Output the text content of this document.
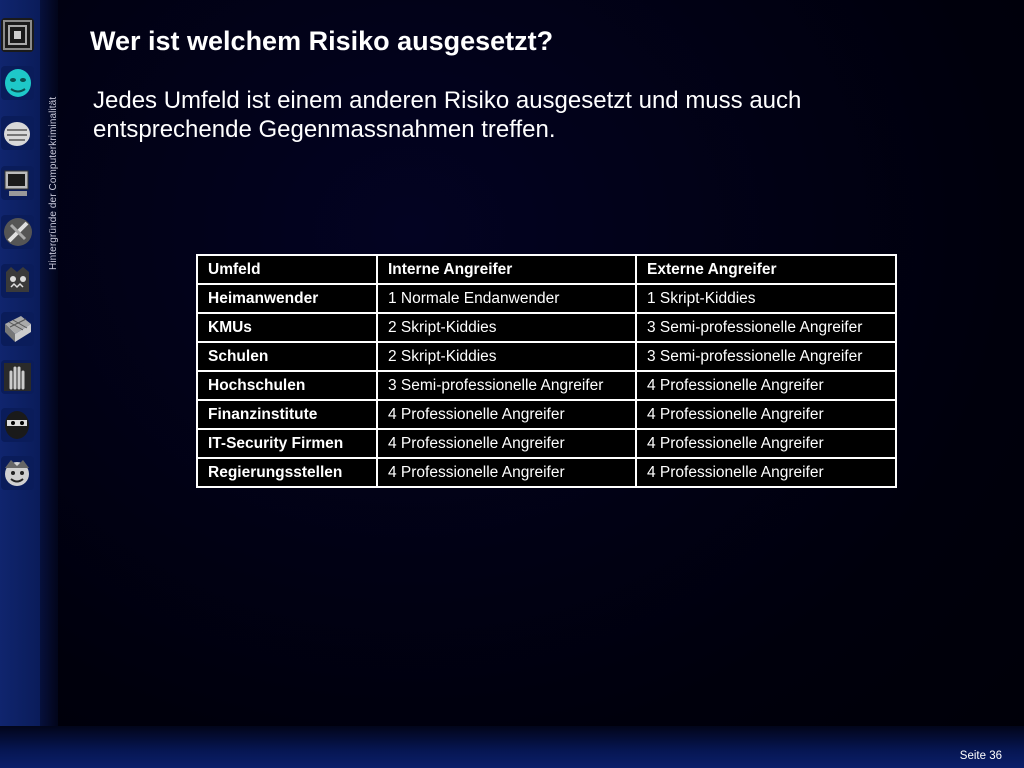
Hintergründe der Computerkriminalität
Wer ist welchem Risiko ausgesetzt?

Jedes Umfeld ist einem anderen Risiko ausgesetzt und muss auch

entsprechende Gegenmassnahmen treffen.

Umfeld	Interne Angreifer	Externe Angreifer
Heimanwender	1 Normale Endanwender	1 Skript-Kiddies
KMUs	2 Skript-Kiddies	3 Semi-professionelle Angreifer
Schulen	2 Skript-Kiddies	3 Semi-professionelle Angreifer
Hochschulen	3 Semi-professionelle Angreifer	4 Professionelle Angreifer
Finanzinstitute	4 Professionelle Angreifer	4 Professionelle Angreifer
IT-Security Firmen	4 Professionelle Angreifer	4 Professionelle Angreifer
Regierungsstellen	4 Professionelle Angreifer	4 Professionelle Angreifer
Seite 36
